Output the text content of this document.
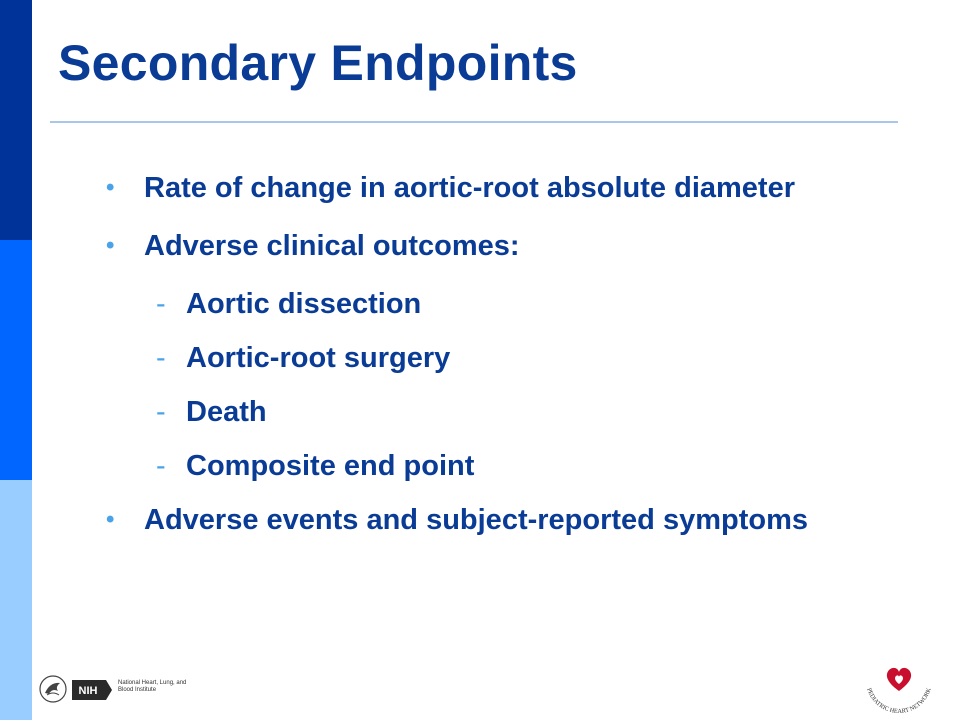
Secondary Endpoints
• Rate of change in aortic-root absolute diameter
• Adverse clinical outcomes:
- Aortic dissection
- Aortic-root surgery
- Death
- Composite end point
• Adverse events and subject-reported symptoms
NIH
National Heart, Lung, and Blood Institute	PEDIATRIC HEART NETWORK
